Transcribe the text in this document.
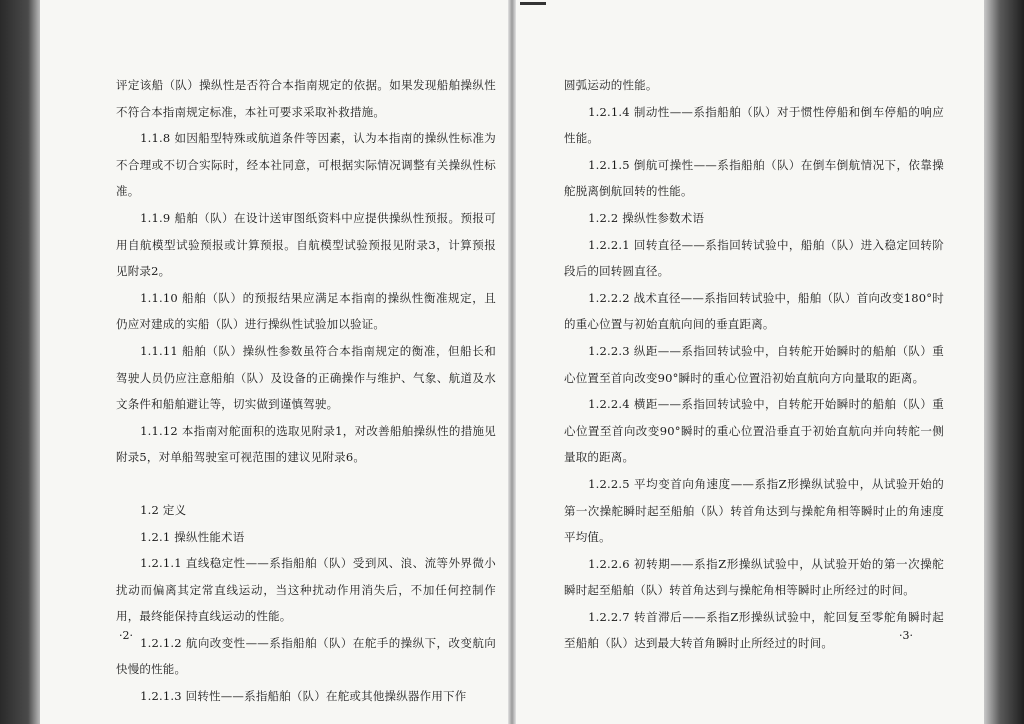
评定该船（队）操纵性是否符合本指南规定的依据。如果发现船舶操纵性不符合本指南规定标准，本社可要求采取补救措施。

1.1.8 如因船型特殊或航道条件等因素，认为本指南的操纵性标准为不合理或不切合实际时，经本社同意，可根据实际情况调整有关操纵性标准。

1.1.9 船舶（队）在设计送审图纸资料中应提供操纵性预报。预报可用自航模型试验预报或计算预报。自航模型试验预报见附录3，计算预报见附录2。

1.1.10 船舶（队）的预报结果应满足本指南的操纵性衡准规定，且仍应对建成的实船（队）进行操纵性试验加以验证。

1.1.11 船舶（队）操纵性参数虽符合本指南规定的衡准，但船长和驾驶人员仍应注意船舶（队）及设备的正确操作与维护、气象、航道及水文条件和船舶避让等，切实做到谨慎驾驶。

1.1.12 本指南对舵面积的选取见附录1，对改善船舶操纵性的措施见附录5，对单船驾驶室可视范围的建议见附录6。

1.2 定义

1.2.1 操纵性能术语

1.2.1.1 直线稳定性——系指船舶（队）受到风、浪、流等外界微小扰动而偏离其定常直线运动，当这种扰动作用消失后，不加任何控制作用，最终能保持直线运动的性能。

1.2.1.2 航向改变性——系指船舶（队）在舵手的操纵下，改变航向快慢的性能。

1.2.1.3 回转性——系指船舶（队）在舵或其他操纵器作用下作

圆弧运动的性能。

1.2.1.4 制动性——系指船舶（队）对于惯性停船和倒车停船的响应性能。

1.2.1.5 倒航可操性——系指船舶（队）在倒车倒航情况下，依靠操舵脱离倒航回转的性能。

1.2.2 操纵性参数术语

1.2.2.1 回转直径——系指回转试验中，船舶（队）进入稳定回转阶段后的回转圆直径。

1.2.2.2 战术直径——系指回转试验中，船舶（队）首向改变180°时的重心位置与初始直航向间的垂直距离。

1.2.2.3 纵距——系指回转试验中，自转舵开始瞬时的船舶（队）重心位置至首向改变90°瞬时的重心位置沿初始直航向方向量取的距离。

1.2.2.4 横距——系指回转试验中，自转舵开始瞬时的船舶（队）重心位置至首向改变90°瞬时的重心位置沿垂直于初始直航向并向转舵一侧量取的距离。

1.2.2.5 平均变首向角速度——系指Z形操纵试验中，从试验开始的第一次操舵瞬时起至船舶（队）转首角达到与操舵角相等瞬时止的角速度平均值。

1.2.2.6 初转期——系指Z形操纵试验中，从试验开始的第一次操舵瞬时起至船舶（队）转首角达到与操舵角相等瞬时止所经过的时间。

1.2.2.7 转首滞后——系指Z形操纵试验中，舵回复至零舵角瞬时起至船舶（队）达到最大转首角瞬时止所经过的时间。

·2·	·3·
